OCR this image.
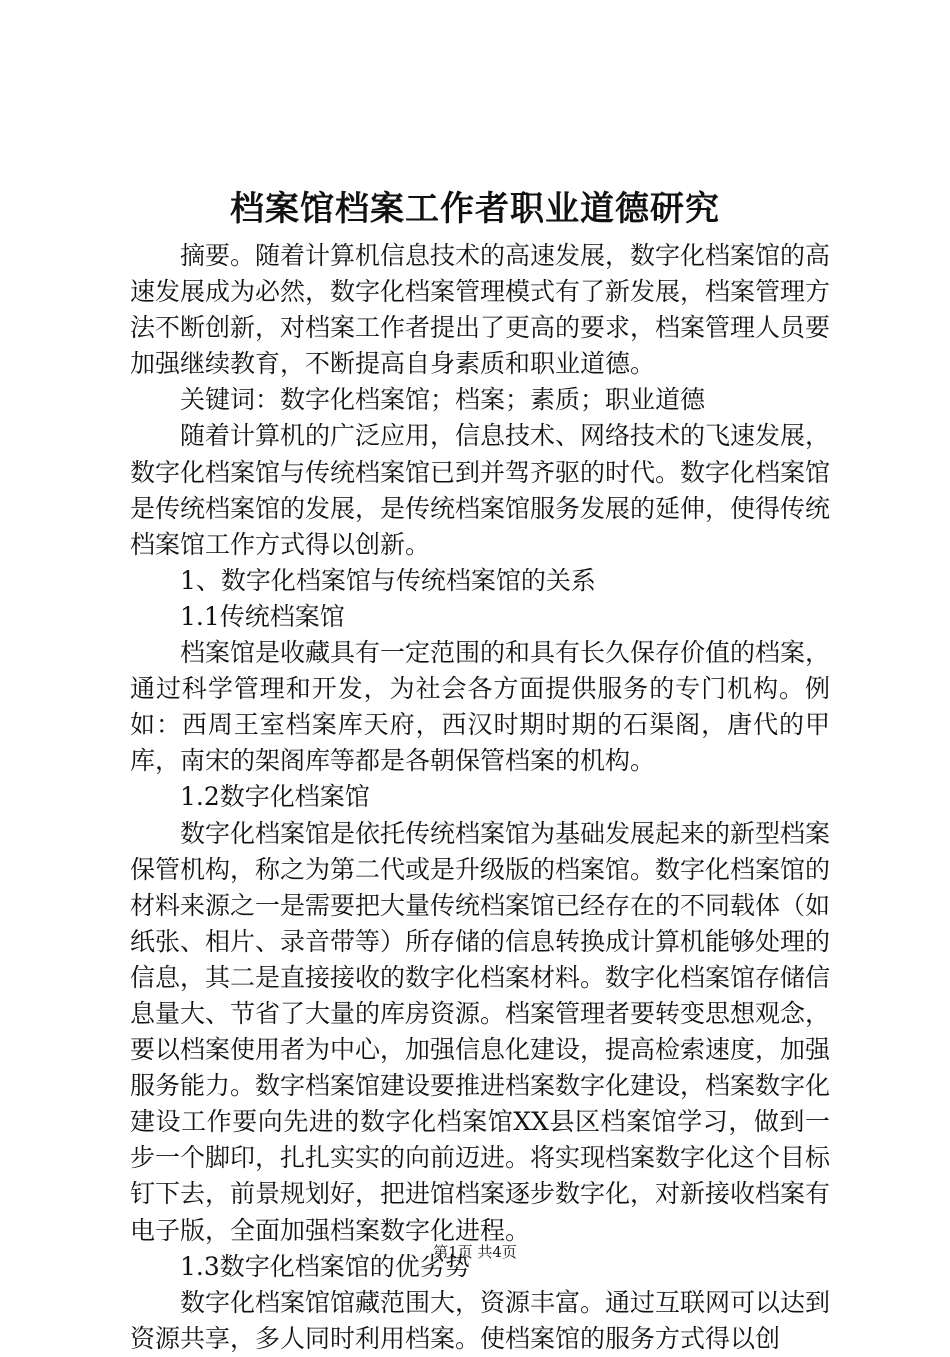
档案馆档案工作者职业道德研究

摘要。随着计算机信息技术的高速发展，数字化档案馆的高速发展成为必然，数字化档案管理模式有了新发展，档案管理方法不断创新，对档案工作者提出了更高的要求，档案管理人员要加强继续教育，不断提高自身素质和职业道德。

关键词：数字化档案馆；档案；素质；职业道德

随着计算机的广泛应用，信息技术、网络技术的飞速发展，数字化档案馆与传统档案馆已到并驾齐驱的时代。数字化档案馆是传统档案馆的发展，是传统档案馆服务发展的延伸，使得传统档案馆工作方式得以创新。

1、数字化档案馆与传统档案馆的关系

1.1传统档案馆

档案馆是收藏具有一定范围的和具有长久保存价值的档案，通过科学管理和开发，为社会各方面提供服务的专门机构。例如：西周王室档案库天府，西汉时期时期的石渠阁，唐代的甲库，南宋的架阁库等都是各朝保管档案的机构。

1.2数字化档案馆

数字化档案馆是依托传统档案馆为基础发展起来的新型档案保管机构，称之为第二代或是升级版的档案馆。数字化档案馆的材料来源之一是需要把大量传统档案馆已经存在的不同载体（如纸张、相片、录音带等）所存储的信息转换成计算机能够处理的信息，其二是直接接收的数字化档案材料。数字化档案馆存储信息量大、节省了大量的库房资源。档案管理者要转变思想观念，要以档案使用者为中心，加强信息化建设，提高检索速度，加强服务能力。数字档案馆建设要推进档案数字化建设，档案数字化建设工作要向先进的数字化档案馆XX县区档案馆学习，做到一步一个脚印，扎扎实实的向前迈进。将实现档案数字化这个目标钉下去，前景规划好，把进馆档案逐步数字化，对新接收档案有电子版，全面加强档案数字化进程。

1.3数字化档案馆的优劣势

数字化档案馆馆藏范围大，资源丰富。通过互联网可以达到资源共享，多人同时利用档案。使档案馆的服务方式得以创

第1页 共4页
